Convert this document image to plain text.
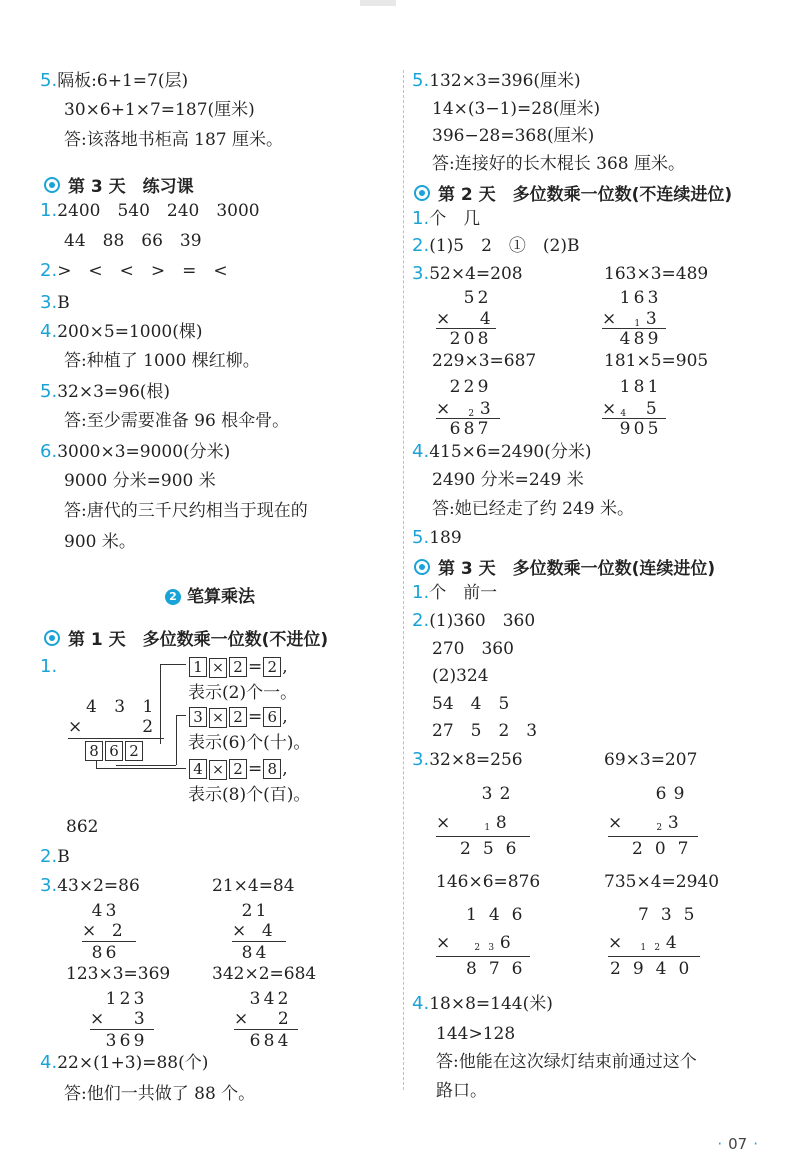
5.隔板:6+1=7(层)
30×6+1×7=187(厘米)
答:该落地书柜高 187 厘米。
第 3 天　练习课
1.2400　540　240　3000
44　88　66　39
2.>　<　<　>　=　<
3.B
4.200×5=1000(棵)
答:种植了 1000 棵红柳。
5.32×3=96(根)
答:至少需要准备 96 根伞骨。
6.3000×3=9000(分米)
9000 分米=900 米
答:唐代的三千尺约相当于现在的
900 米。
2 笔算乘法
第 1 天　多位数乘一位数(不进位)
1.	1 × 2 = 2 ,
表示(2)个一。
3 × 2 = 6 ,
表示(6)个(十)。
4 × 2 = 8 ,
表示(8)个(百)。
4 3 1
×	2
8 6 2
862
2.B
3.43×2=86	21×4=84
4 3
× 2
8 6
2 1
× 4
8 4
123×3=369 342×2=684
1 2 3
× 3
3 6 9
3 4 2
× 2
6 8 4
4.22×(1+3)=88(个)
答:他们一共做了 88 个。
5.132×3=396(厘米)
14×(3−1)=28(厘米)
396−28=368(厘米)
答:连接好的长木棍长 368 厘米。
第 2 天　多位数乘一位数(不连续进位)
1.个　几
2.(1)5　2　①　(2)B
3.52×4=208	163×3=489
5 2
× 4
2 0 8
1 6 3
× 1 3
4 8 9
229×3=687	181×5=905
2 2 9
× 2 3
6 8 7
1 8 1
× 4 5
9 0 5
4.415×6=2490(分米)
2490 分米=249 米
答:她已经走了约 249 米。
5.189
第 3 天　多位数乘一位数(连续进位)
1.个　前一
2.(1)360　360
270　360
(2)324
54　4　5
27　5　2　3
3.32×8=256	69×3=207
3 2
×	1 8
256
6 9
×	2 3
207
146×6=876	735×4=2940
146
×	2 3 6
876
735
× 1 2 4
2940
4.18×8=144(米)
144>128
答:他能在这次绿灯结束前通过这个
路口。
· 07 ·
